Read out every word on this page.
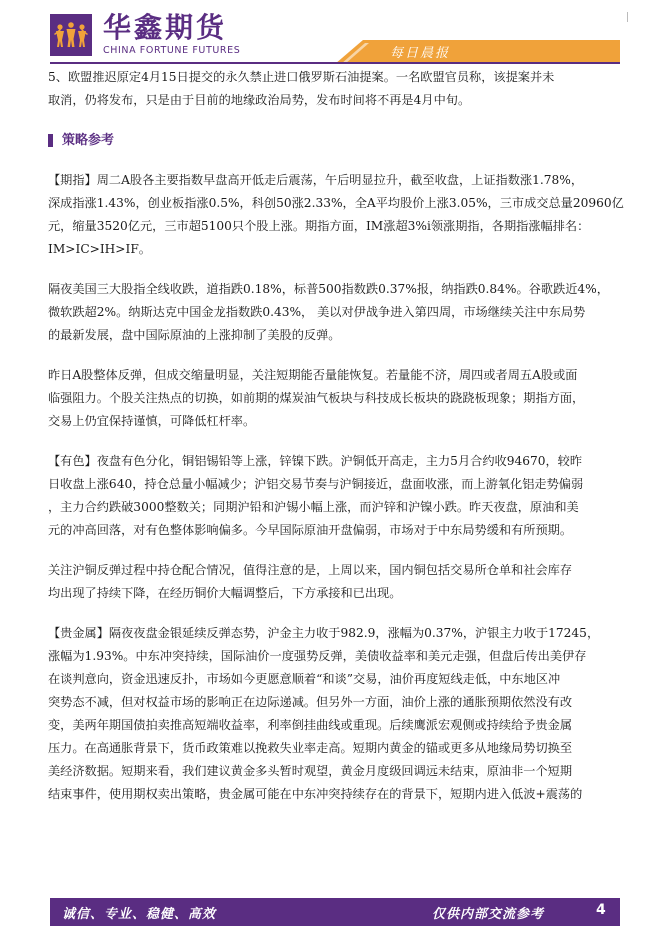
华鑫期货
CHINA FORTUNE FUTURES	每日晨报

5、欧盟推迟原定4月15日提交的永久禁止进口俄罗斯石油提案。一名欧盟官员称，该提案并未
取消，仍将发布，只是由于目前的地缘政治局势，发布时间将不再是4月中旬。

策略参考

【期指】周二A股各主要指数早盘高开低走后震荡，午后明显拉升，截至收盘，上证指数涨1.78%，
深成指涨1.43%，创业板指涨0.5%，科创50涨2.33%，全A平均股价上涨3.05%，三市成交总量20960亿
元，缩量3520亿元，三市超5100只个股上涨。期指方面，IM涨超3%i领涨期指，各期指涨幅排名：
IM>IC>IH>IF。

隔夜美国三大股指全线收跌，道指跌0.18%，标普500指数跌0.37%报，纳指跌0.84%。谷歌跌近4%，
微软跌超2%。纳斯达克中国金龙指数跌0.43%， 美以对伊战争进入第四周，市场继续关注中东局势
的最新发展，盘中国际原油的上涨抑制了美股的反弹。

昨日A股整体反弹，但成交缩量明显，关注短期能否量能恢复。若量能不济，周四或者周五A股或面
临强阻力。个股关注热点的切换，如前期的煤炭油气板块与科技成长板块的跷跷板现象；期指方面，
交易上仍宜保持谨慎，可降低杠杆率。

【有色】夜盘有色分化，铜铝锡铅等上涨，锌镍下跌。沪铜低开高走，主力5月合约收94670，较昨
日收盘上涨640，持仓总量小幅减少；沪铝交易节奏与沪铜接近，盘面收涨，而上游氧化铝走势偏弱
，主力合约跌破3000整数关；同期沪铅和沪锡小幅上涨，而沪锌和沪镍小跌。昨天夜盘，原油和美
元的冲高回落，对有色整体影响偏多。今早国际原油开盘偏弱，市场对于中东局势缓和有所预期。

关注沪铜反弹过程中持仓配合情况，值得注意的是，上周以来，国内铜包括交易所仓单和社会库存
均出现了持续下降，在经历铜价大幅调整后，下方承接和已出现。

【贵金属】隔夜夜盘金银延续反弹态势，沪金主力收于982.9，涨幅为0.37%，沪银主力收于17245，
涨幅为1.93%。中东冲突持续，国际油价一度强势反弹，美债收益率和美元走强，但盘后传出美伊存
在谈判意向，资金迅速反扑，市场如今更愿意顺着“和谈”交易，油价再度短线走低，中东地区冲
突势态不减，但对权益市场的影响正在边际递减。但另外一方面，油价上涨的通胀预期依然没有改
变，美两年期国债拍卖推高短端收益率，利率倒挂曲线或重现。后续鹰派宏观侧或持续给予贵金属
压力。在高通胀背景下，货币政策难以挽救失业率走高。短期内黄金的锚或更多从地缘局势切换至
美经济数据。短期来看，我们建议黄金多头暂时观望，黄金月度级回调远未结束，原油非一个短期
结束事件，使用期权卖出策略，贵金属可能在中东冲突持续存在的背景下，短期内进入低波+震荡的

诚信、专业、稳健、高效	仅供内部交流参考	4
